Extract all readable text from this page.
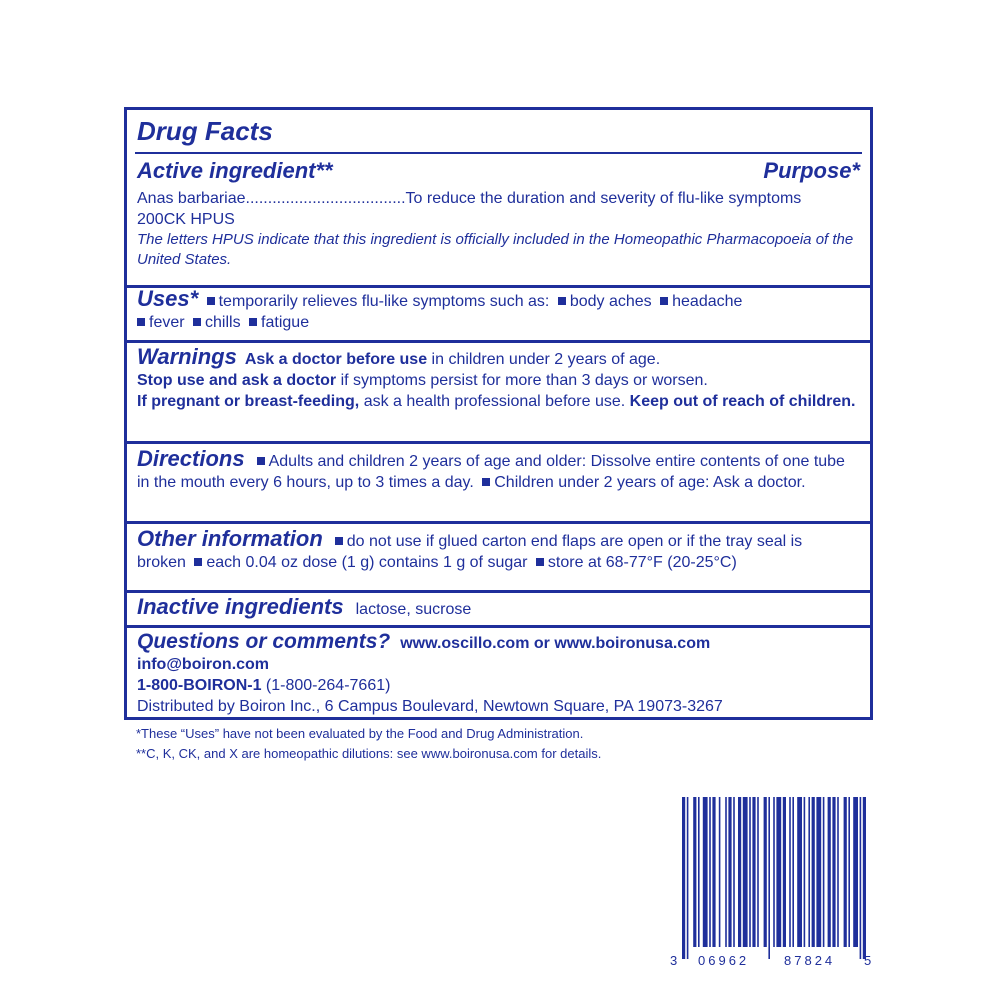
Drug Facts
Active ingredient**	Purpose*
Anas barbariae....................................To reduce the duration and severity of flu-like symptoms
200CK HPUS
The letters HPUS indicate that this ingredient is officially included in the Homeopathic Pharmacopoeia of the United States.
Uses* temporarily relieves flu-like symptoms such as: body aches headache
fever chills fatigue
Warnings Ask a doctor before use in children under 2 years of age.
Stop use and ask a doctor if symptoms persist for more than 3 days or worsen.
If pregnant or breast-feeding, ask a health professional before use. Keep out of reach of children.
Directions Adults and children 2 years of age and older: Dissolve entire contents of one tube in the mouth every 6 hours, up to 3 times a day. Children under 2 years of age: Ask a doctor.
Other information do not use if glued carton end flaps are open or if the tray seal is broken each 0.04 oz dose (1 g) contains 1 g of sugar store at 68-77°F (20-25°C)
Inactive ingredients lactose, sucrose
Questions or comments? www.oscillo.com or www.boironusa.com
info@boiron.com
1-800-BOIRON-1 (1-800-264-7661)
Distributed by Boiron Inc., 6 Campus Boulevard, Newtown Square, PA 19073-3267
*These “Uses” have not been evaluated by the Food and Drug Administration.
**C, K, CK, and X are homeopathic dilutions: see www.boironusa.com for details.
3 06962	87824 5
